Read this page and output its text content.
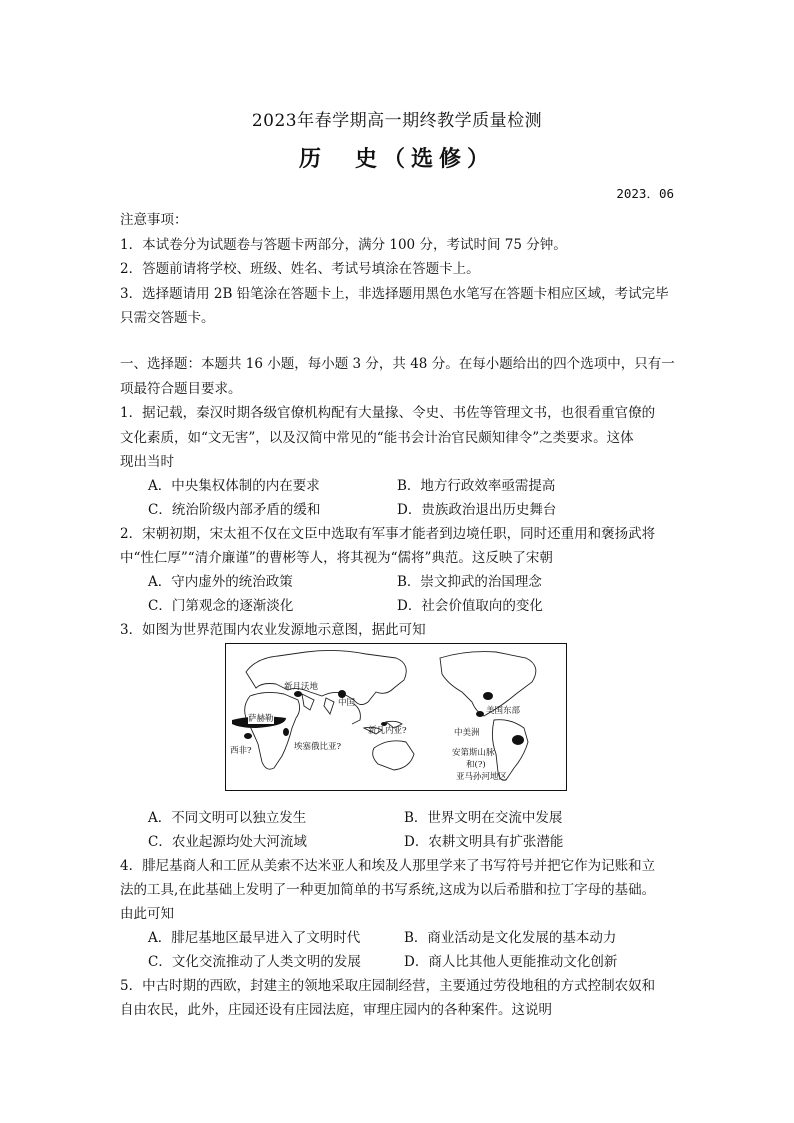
2023年春学期高一期终教学质量检测
历　史（选修）
2023．06
注意事项：
1．本试卷分为试题卷与答题卡两部分，满分 100 分，考试时间 75 分钟。
2．答题前请将学校、班级、姓名、考试号填涂在答题卡上。
3．选择题请用 2B 铅笔涂在答题卡上，非选择题用黑色水笔写在答题卡相应区域，考试完毕
只需交答题卡。
一、选择题：本题共 16 小题，每小题 3 分，共 48 分。在每小题给出的四个选项中，只有一
项最符合题目要求。
1．据记载，秦汉时期各级官僚机构配有大量掾、令史、书佐等管理文书，也很看重官僚的
文化素质，如“文无害”，以及汉简中常见的“能书会计治官民颇知律令”之类要求。这体
现出当时
A．中央集权体制的内在要求	B．地方行政效率亟需提高
C．统治阶级内部矛盾的缓和	D．贵族政治退出历史舞台
2．宋朝初期，宋太祖不仅在文臣中选取有军事才能者到边境任职，同时还重用和褒扬武将
中“性仁厚”“清介廉谨”的曹彬等人，将其视为“儒将”典范。这反映了宋朝
A．守内虚外的统治政策	B．崇文抑武的治国理念
C．门第观念的逐渐淡化	D．社会价值取向的变化
3．如图为世界范围内农业发源地示意图，据此可知
新月沃地
中国
萨赫勒
西非?	埃塞俄比亚?
新几内亚?
美国东部
中美洲
安第斯山脉
和(?)
亚马孙河地区
A．不同文明可以独立发生	B．世界文明在交流中发展
C．农业起源均处大河流域	D．农耕文明具有扩张潜能
4．腓尼基商人和工匠从美索不达米亚人和埃及人那里学来了书写符号并把它作为记账和立
法的工具,在此基础上发明了一种更加简单的书写系统,这成为以后希腊和拉丁字母的基础。
由此可知
A．腓尼基地区最早进入了文明时代	B．商业活动是文化发展的基本动力
C．文化交流推动了人类文明的发展	D．商人比其他人更能推动文化创新
5．中古时期的西欧，封建主的领地采取庄园制经营，主要通过劳役地租的方式控制农奴和
自由农民，此外，庄园还设有庄园法庭，审理庄园内的各种案件。这说明
